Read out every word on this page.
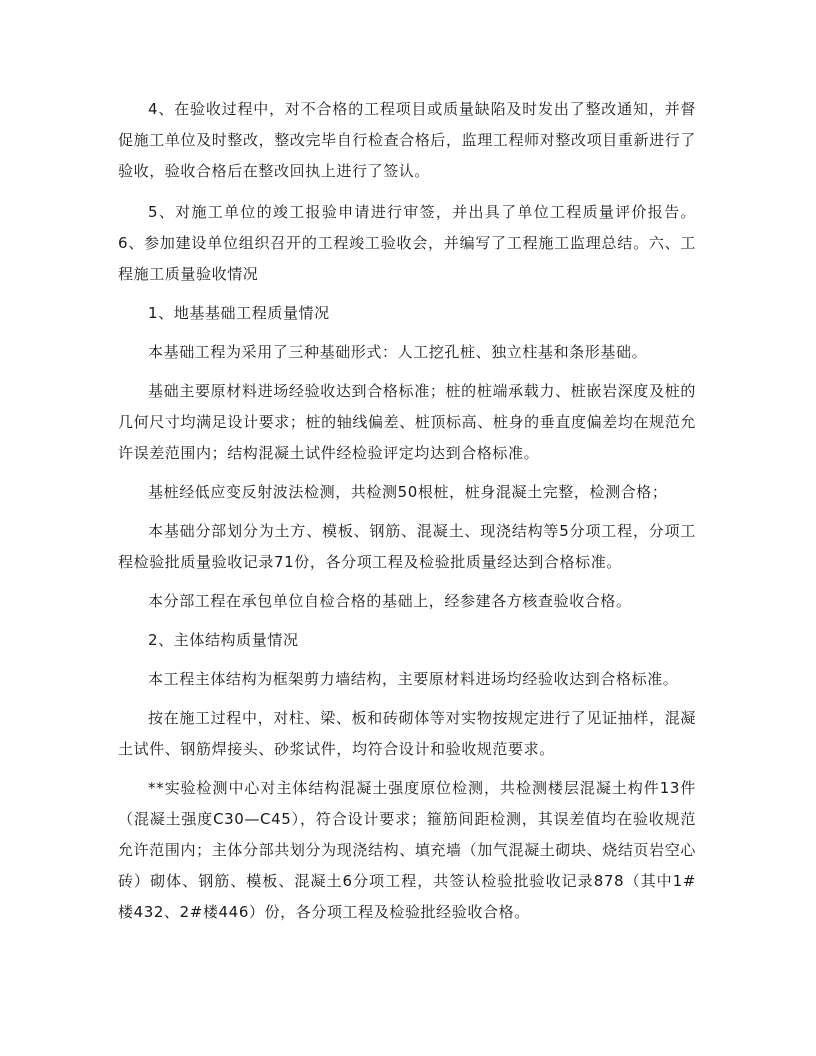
4、在验收过程中，对不合格的工程项目或质量缺陷及时发出了整改通知，并督促施工单位及时整改，整改完毕自行检查合格后，监理工程师对整改项目重新进行了验收，验收合格后在整改回执上进行了签认。

5、对施工单位的竣工报验申请进行审签，并出具了单位工程质量评价报告。6、参加建设单位组织召开的工程竣工验收会，并编写了工程施工监理总结。六、工程施工质量验收情况

1、地基基础工程质量情况

本基础工程为采用了三种基础形式：人工挖孔桩、独立柱基和条形基础。

基础主要原材料进场经验收达到合格标准；桩的桩端承载力、桩嵌岩深度及桩的几何尺寸均满足设计要求；桩的轴线偏差、桩顶标高、桩身的垂直度偏差均在规范允许误差范围内；结构混凝土试件经检验评定均达到合格标准。

基桩经低应变反射波法检测，共检测50根桩，桩身混凝土完整，检测合格；

本基础分部划分为土方、模板、钢筋、混凝土、现浇结构等5分项工程，分项工程检验批质量验收记录71份，各分项工程及检验批质量经达到合格标准。

本分部工程在承包单位自检合格的基础上，经参建各方核查验收合格。

2、主体结构质量情况

本工程主体结构为框架剪力墙结构，主要原材料进场均经验收达到合格标准。

按在施工过程中，对柱、梁、板和砖砌体等对实物按规定进行了见证抽样，混凝土试件、钢筋焊接头、砂浆试件，均符合设计和验收规范要求。

**实验检测中心对主体结构混凝土强度原位检测，共检测楼层混凝土构件13件（混凝土强度C30—C45），符合设计要求；箍筋间距检测，其误差值均在验收规范允许范围内；主体分部共划分为现浇结构、填充墙（加气混凝土砌块、烧结页岩空心砖）砌体、钢筋、模板、混凝土6分项工程，共签认检验批验收记录878（其中1#楼432、2#楼446）份，各分项工程及检验批经验收合格。
